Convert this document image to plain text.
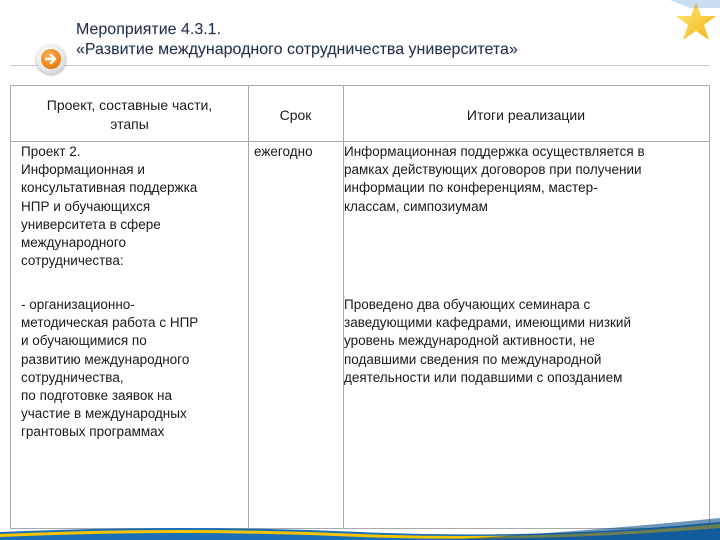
Мероприятие 4.3.1.
«Развитие международного сотрудничества университета»
Проект, составные части,
этапы
Срок	Итоги реализации
Проект 2.
Информационная и
консультативная поддержка
НПР и обучающихся
университета в сфере
международного
сотрудничества:
ежегодно	Информационная поддержка осуществляется в
рамках действующих договоров при получении
информации по конференциям, мастер-
классам, симпозиумам
- организационно-
методическая работа с НПР
и обучающимися по
развитию международного
сотрудничества,
по подготовке заявок на
участие в международных
грантовых программах
Проведено два обучающих семинара с
заведующими кафедрами, имеющими низкий
уровень международной активности, не
подавшими сведения по международной
деятельности или подавшими с опозданием
